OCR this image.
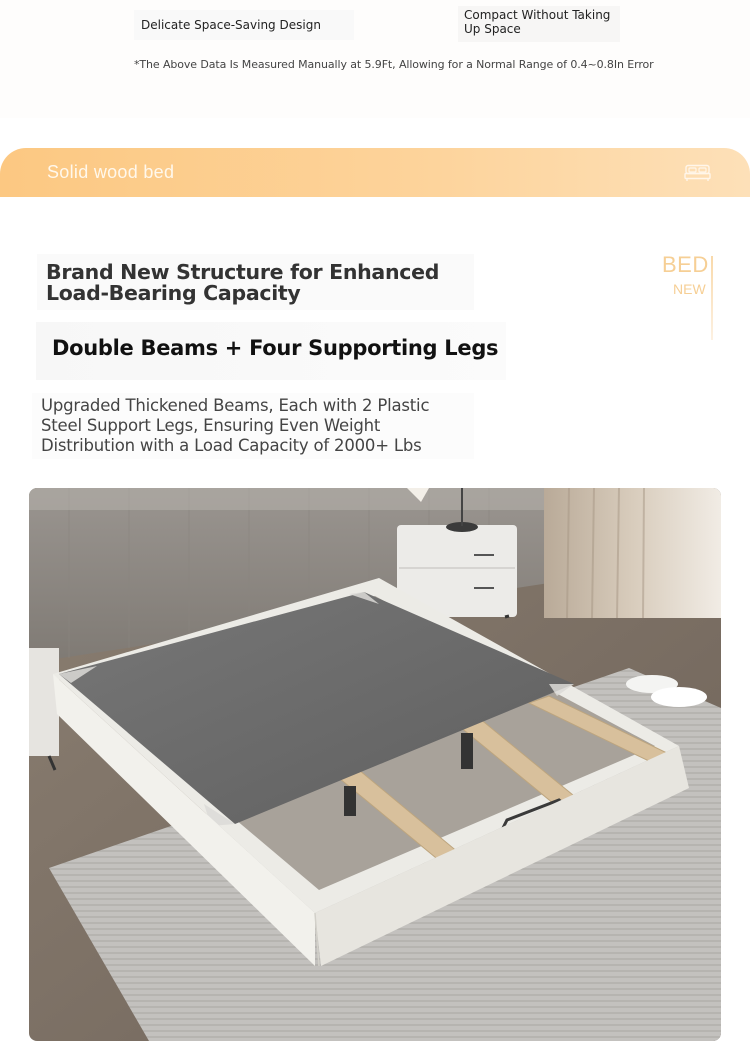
Delicate Space-Saving Design
Compact Without Taking Up Space
*The Above Data Is Measured Manually at 5.9Ft, Allowing for a Normal Range of 0.4~0.8In Error
Solid wood bed
Brand New Structure for Enhanced Load-Bearing Capacity
Double Beams + Four Supporting Legs
Upgraded Thickened Beams, Each with 2 Plastic Steel Support Legs, Ensuring Even Weight Distribution with a Load Capacity of 2000+ Lbs
BED
NEW
